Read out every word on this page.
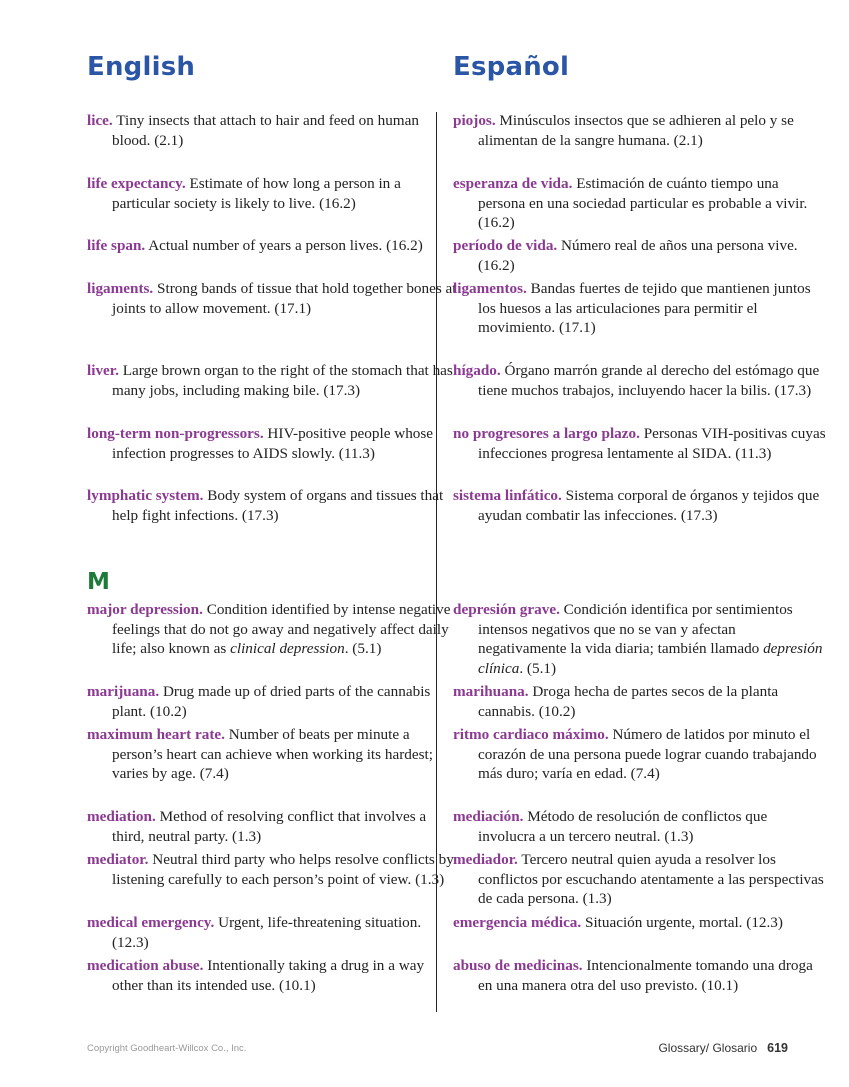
English	Español
M
lice. Tiny insects that attach to hair and feed on human blood. (2.1)
life expectancy. Estimate of how long a person in a particular society is likely to live. (16.2)
life span. Actual number of years a person lives. (16.2)
ligaments. Strong bands of tissue that hold together bones at joints to allow movement. (17.1)
liver. Large brown organ to the right of the stomach that has many jobs, including making bile. (17.3)
long-term non-progressors. HIV-positive people whose infection progresses to AIDS slowly. (11.3)
lymphatic system. Body system of organs and tissues that help fight infections. (17.3)
major depression. Condition identified by intense negative feelings that do not go away and negatively affect daily life; also known as clinical depression. (5.1)
marijuana. Drug made up of dried parts of the cannabis plant. (10.2)
maximum heart rate. Number of beats per minute a person’s heart can achieve when working its hardest; varies by age. (7.4)
mediation. Method of resolving conflict that involves a third, neutral party. (1.3)
mediator. Neutral third party who helps resolve conflicts by listening carefully to each person’s point of view. (1.3)
medical emergency. Urgent, life-threatening situation. (12.3)
medication abuse. Intentionally taking a drug in a way other than its intended use. (10.1)
piojos. Minúsculos insectos que se adhieren al pelo y se alimentan de la sangre humana. (2.1)
esperanza de vida. Estimación de cuánto tiempo una persona en una sociedad particular es probable a vivir. (16.2)
período de vida. Número real de años una persona vive. (16.2)
ligamentos. Bandas fuertes de tejido que mantienen juntos los huesos a las articulaciones para permitir el movimiento. (17.1)
hígado. Órgano marrón grande al derecho del estómago que tiene muchos trabajos, incluyendo hacer la bilis. (17.3)
no progresores a largo plazo. Personas VIH-positivas cuyas infecciones progresa lentamente al SIDA. (11.3)
sistema linfático. Sistema corporal de órganos y tejidos que ayudan combatir las infecciones. (17.3)
depresión grave. Condición identifica por sentimientos intensos negativos que no se van y afectan negativamente la vida diaria; también llamado depresión clínica. (5.1)
marihuana. Droga hecha de partes secos de la planta cannabis. (10.2)
ritmo cardiaco máximo. Número de latidos por minuto el corazón de una persona puede lograr cuando trabajando más duro; varía en edad. (7.4)
mediación. Método de resolución de conflictos que involucra a un tercero neutral. (1.3)
mediador. Tercero neutral quien ayuda a resolver los conflictos por escuchando atentamente a las perspectivas de cada persona. (1.3)
emergencia médica. Situación urgente, mortal. (12.3)
abuso de medicinas. Intencionalmente tomando una droga en una manera otra del uso previsto. (10.1)
Copyright Goodheart-Willcox Co., Inc.	Glossary/ Glosario 619
